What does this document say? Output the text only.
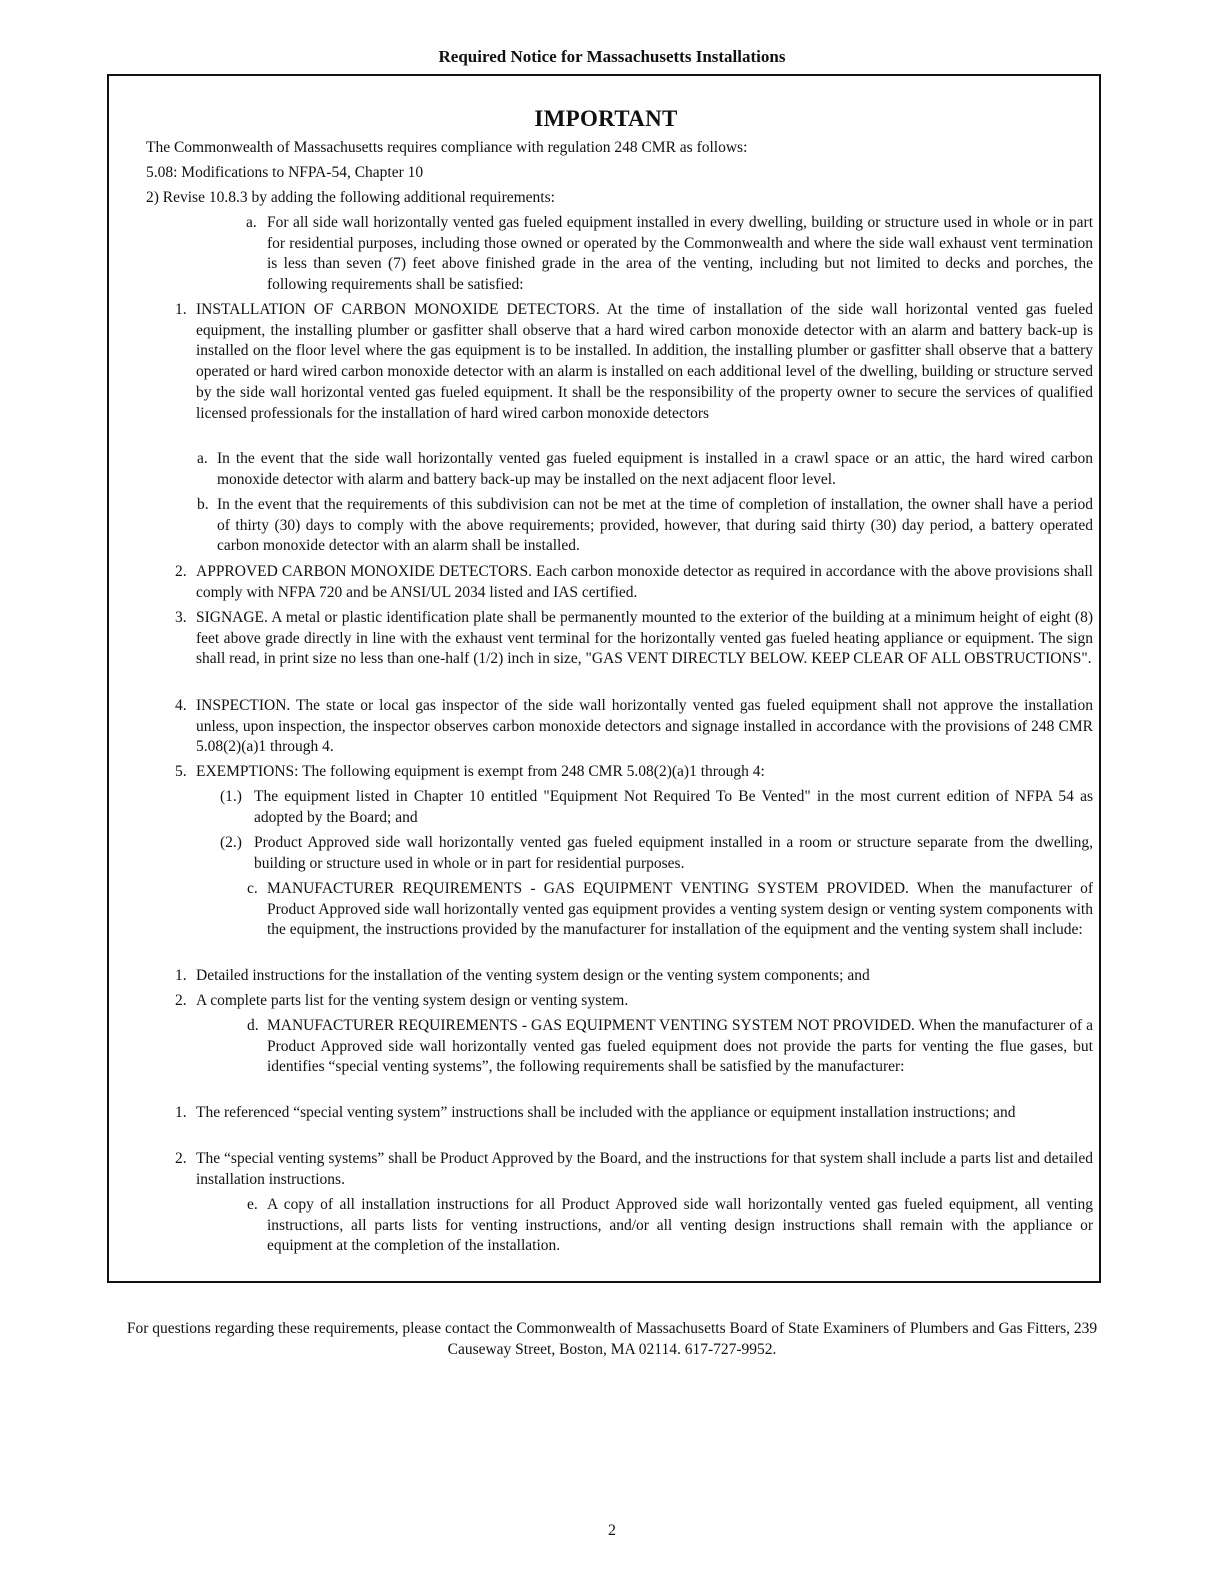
Required Notice for Massachusetts Installations
IMPORTANT
The Commonwealth of Massachusetts requires compliance with regulation 248 CMR as follows:
5.08: Modifications to NFPA-54, Chapter 10
2) Revise 10.8.3 by adding the following additional requirements:
a. For all side wall horizontally vented gas fueled equipment installed in every dwelling, building or structure used in whole or in part for residential purposes, including those owned or operated by the Commonwealth and where the side wall exhaust vent termination is less than seven (7) feet above finished grade in the area of the venting, including but not limited to decks and porches, the following requirements shall be satisfied:
1. INSTALLATION OF CARBON MONOXIDE DETECTORS. At the time of installation of the side wall horizontal vented gas fueled equipment, the installing plumber or gasfitter shall observe that a hard wired carbon monoxide detector with an alarm and battery back-up is installed on the floor level where the gas equipment is to be installed. In addition, the installing plumber or gasfitter shall observe that a battery operated or hard wired carbon monoxide detector with an alarm is installed on each additional level of the dwelling, building or structure served by the side wall horizontal vented gas fueled equipment. It shall be the responsibility of the property owner to secure the services of qualified licensed professionals for the installation of hard wired carbon monoxide detectors
a. In the event that the side wall horizontally vented gas fueled equipment is installed in a crawl space or an attic, the hard wired carbon monoxide detector with alarm and battery back-up may be installed on the next adjacent floor level.
b. In the event that the requirements of this subdivision can not be met at the time of completion of installation, the owner shall have a period of thirty (30) days to comply with the above requirements; provided, however, that during said thirty (30) day period, a battery operated carbon monoxide detector with an alarm shall be installed.
2. APPROVED CARBON MONOXIDE DETECTORS. Each carbon monoxide detector as required in accordance with the above provisions shall comply with NFPA 720 and be ANSI/UL 2034 listed and IAS certified.
3. SIGNAGE. A metal or plastic identification plate shall be permanently mounted to the exterior of the building at a minimum height of eight (8) feet above grade directly in line with the exhaust vent terminal for the horizontally vented gas fueled heating appliance or equipment. The sign shall read, in print size no less than one-half (1/2) inch in size, "GAS VENT DIRECTLY BELOW. KEEP CLEAR OF ALL OBSTRUCTIONS".
4. INSPECTION. The state or local gas inspector of the side wall horizontally vented gas fueled equipment shall not approve the installation unless, upon inspection, the inspector observes carbon monoxide detectors and signage installed in accordance with the provisions of 248 CMR 5.08(2)(a)1 through 4.
5. EXEMPTIONS: The following equipment is exempt from 248 CMR 5.08(2)(a)1 through 4:
(1.) The equipment listed in Chapter 10 entitled "Equipment Not Required To Be Vented" in the most current edition of NFPA 54 as adopted by the Board; and
(2.) Product Approved side wall horizontally vented gas fueled equipment installed in a room or structure separate from the dwelling, building or structure used in whole or in part for residential purposes.
c. MANUFACTURER REQUIREMENTS - GAS EQUIPMENT VENTING SYSTEM PROVIDED. When the manufacturer of Product Approved side wall horizontally vented gas equipment provides a venting system design or venting system components with the equipment, the instructions provided by the manufacturer for installation of the equipment and the venting system shall include:
1. Detailed instructions for the installation of the venting system design or the venting system components; and
2. A complete parts list for the venting system design or venting system.
d. MANUFACTURER REQUIREMENTS - GAS EQUIPMENT VENTING SYSTEM NOT PROVIDED. When the manufacturer of a Product Approved side wall horizontally vented gas fueled equipment does not provide the parts for venting the flue gases, but identifies “special venting systems”, the following requirements shall be satisfied by the manufacturer:
1. The referenced “special venting system” instructions shall be included with the appliance or equipment installation instructions; and
2. The “special venting systems” shall be Product Approved by the Board, and the instructions for that system shall include a parts list and detailed installation instructions.
e. A copy of all installation instructions for all Product Approved side wall horizontally vented gas fueled equipment, all venting instructions, all parts lists for venting instructions, and/or all venting design instructions shall remain with the appliance or equipment at the completion of the installation.
For questions regarding these requirements, please contact the Commonwealth of Massachusetts Board of State Examiners of Plumbers and Gas Fitters, 239 Causeway Street, Boston, MA 02114. 617-727-9952.
2
